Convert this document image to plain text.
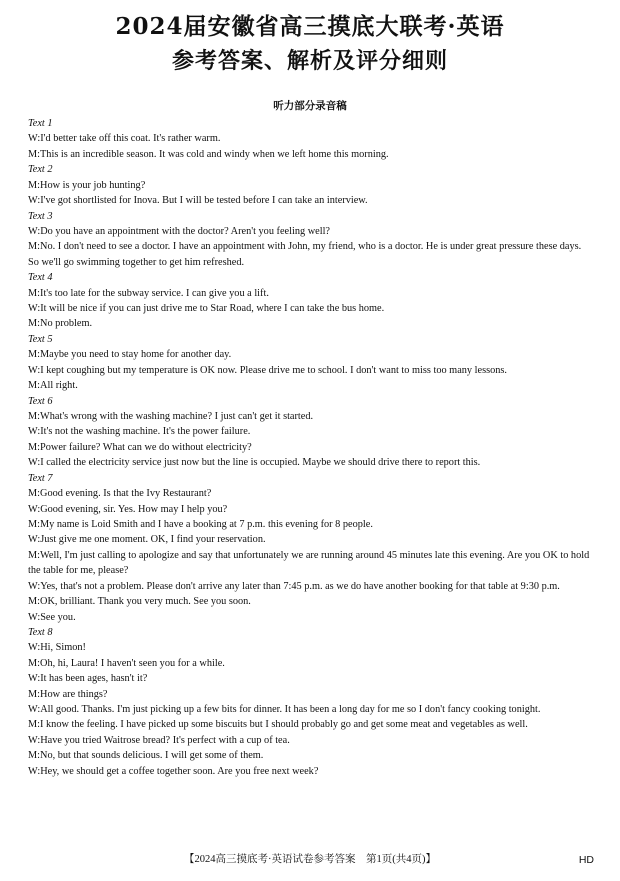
2024届安徽省高三摸底大联考·英语
参考答案、解析及评分细则
听力部分录音稿
Text 1
W:I'd better take off this coat. It's rather warm.
M:This is an incredible season. It was cold and windy when we left home this morning.
Text 2
M:How is your job hunting?
W:I've got shortlisted for Inova. But I will be tested before I can take an interview.
Text 3
W:Do you have an appointment with the doctor? Aren't you feeling well?
M:No. I don't need to see a doctor. I have an appointment with John, my friend, who is a doctor. He is under great pressure these days. So we'll go swimming together to get him refreshed.
Text 4
M:It's too late for the subway service. I can give you a lift.
W:It will be nice if you can just drive me to Star Road, where I can take the bus home.
M:No problem.
Text 5
M:Maybe you need to stay home for another day.
W:I kept coughing but my temperature is OK now. Please drive me to school. I don't want to miss too many lessons.
M:All right.
Text 6
M:What's wrong with the washing machine? I just can't get it started.
W:It's not the washing machine. It's the power failure.
M:Power failure? What can we do without electricity?
W:I called the electricity service just now but the line is occupied. Maybe we should drive there to report this.
Text 7
M:Good evening. Is that the Ivy Restaurant?
W:Good evening, sir. Yes. How may I help you?
M:My name is Loid Smith and I have a booking at 7 p.m. this evening for 8 people.
W:Just give me one moment. OK, I find your reservation.
M:Well, I'm just calling to apologize and say that unfortunately we are running around 45 minutes late this evening. Are you OK to hold the table for me, please?
W:Yes, that's not a problem. Please don't arrive any later than 7:45 p.m. as we do have another booking for that table at 9:30 p.m.
M:OK, brilliant. Thank you very much. See you soon.
W:See you.
Text 8
W:Hi, Simon!
M:Oh, hi, Laura! I haven't seen you for a while.
W:It has been ages, hasn't it?
M:How are things?
W:All good. Thanks. I'm just picking up a few bits for dinner. It has been a long day for me so I don't fancy cooking tonight.
M:I know the feeling. I have picked up some biscuits but I should probably go and get some meat and vegetables as well.
W:Have you tried Waitrose bread? It's perfect with a cup of tea.
M:No, but that sounds delicious. I will get some of them.
W:Hey, we should get a coffee together soon. Are you free next week?
【2024高三摸底考·英语试卷参考答案　第1页(共4页)】	HD
